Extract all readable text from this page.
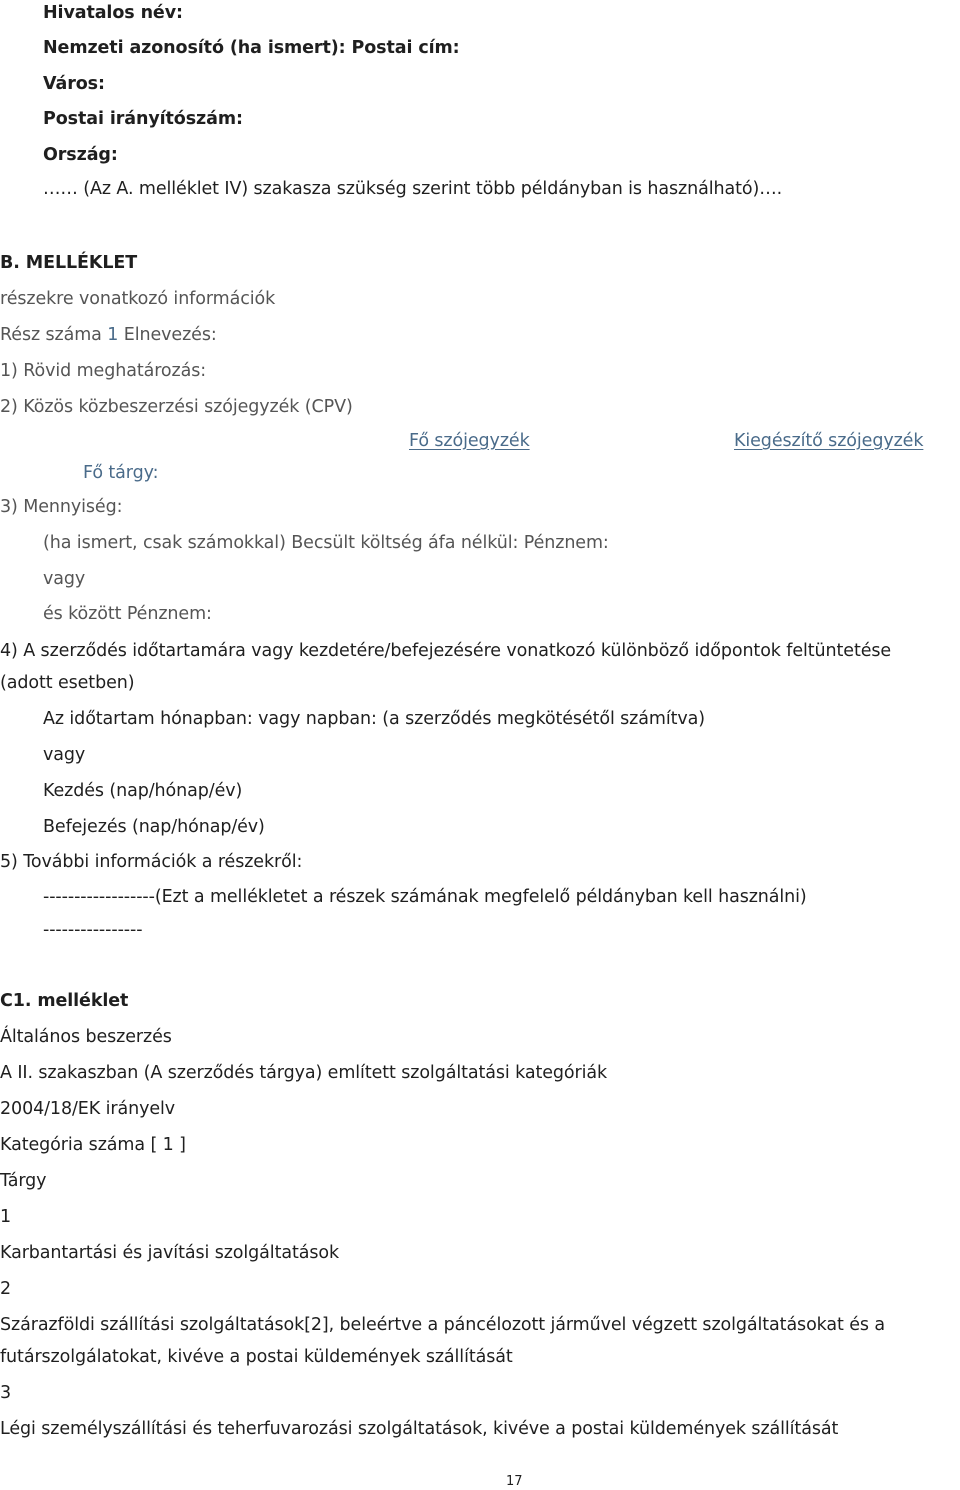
Hivatalos név:
Nemzeti azonosító (ha ismert): Postai cím:
Város:
Postai irányítószám:
Ország:
…… (Az A. melléklet IV) szakasza szükség szerint több példányban is használható)….
B. MELLÉKLET
részekre vonatkozó információk
Rész száma 1 Elnevezés:
1) Rövid meghatározás:
2) Közös közbeszerzési szójegyzék (CPV)
Fő szójegyzék	Kiegészítő szójegyzék
Fő tárgy:
3) Mennyiség:
(ha ismert, csak számokkal) Becsült költség áfa nélkül: Pénznem:
vagy
és között Pénznem:
4) A szerződés időtartamára vagy kezdetére/befejezésére vonatkozó különböző időpontok feltüntetése
(adott esetben)
Az időtartam hónapban: vagy napban: (a szerződés megkötésétől számítva)
vagy
Kezdés (nap/hónap/év)
Befejezés (nap/hónap/év)
5) További információk a részekről:
------------------(Ezt a mellékletet a részek számának megfelelő példányban kell használni)
----------------
C1. melléklet
Általános beszerzés
A II. szakaszban (A szerződés tárgya) említett szolgáltatási kategóriák
2004/18/EK irányelv
Kategória száma [ 1 ]
Tárgy
1
Karbantartási és javítási szolgáltatások
2
Szárazföldi szállítási szolgáltatások[2], beleértve a páncélozott járművel végzett szolgáltatásokat és a
futárszolgálatokat, kivéve a postai küldemények szállítását
3
Légi személyszállítási és teherfuvarozási szolgáltatások, kivéve a postai küldemények szállítását
17
